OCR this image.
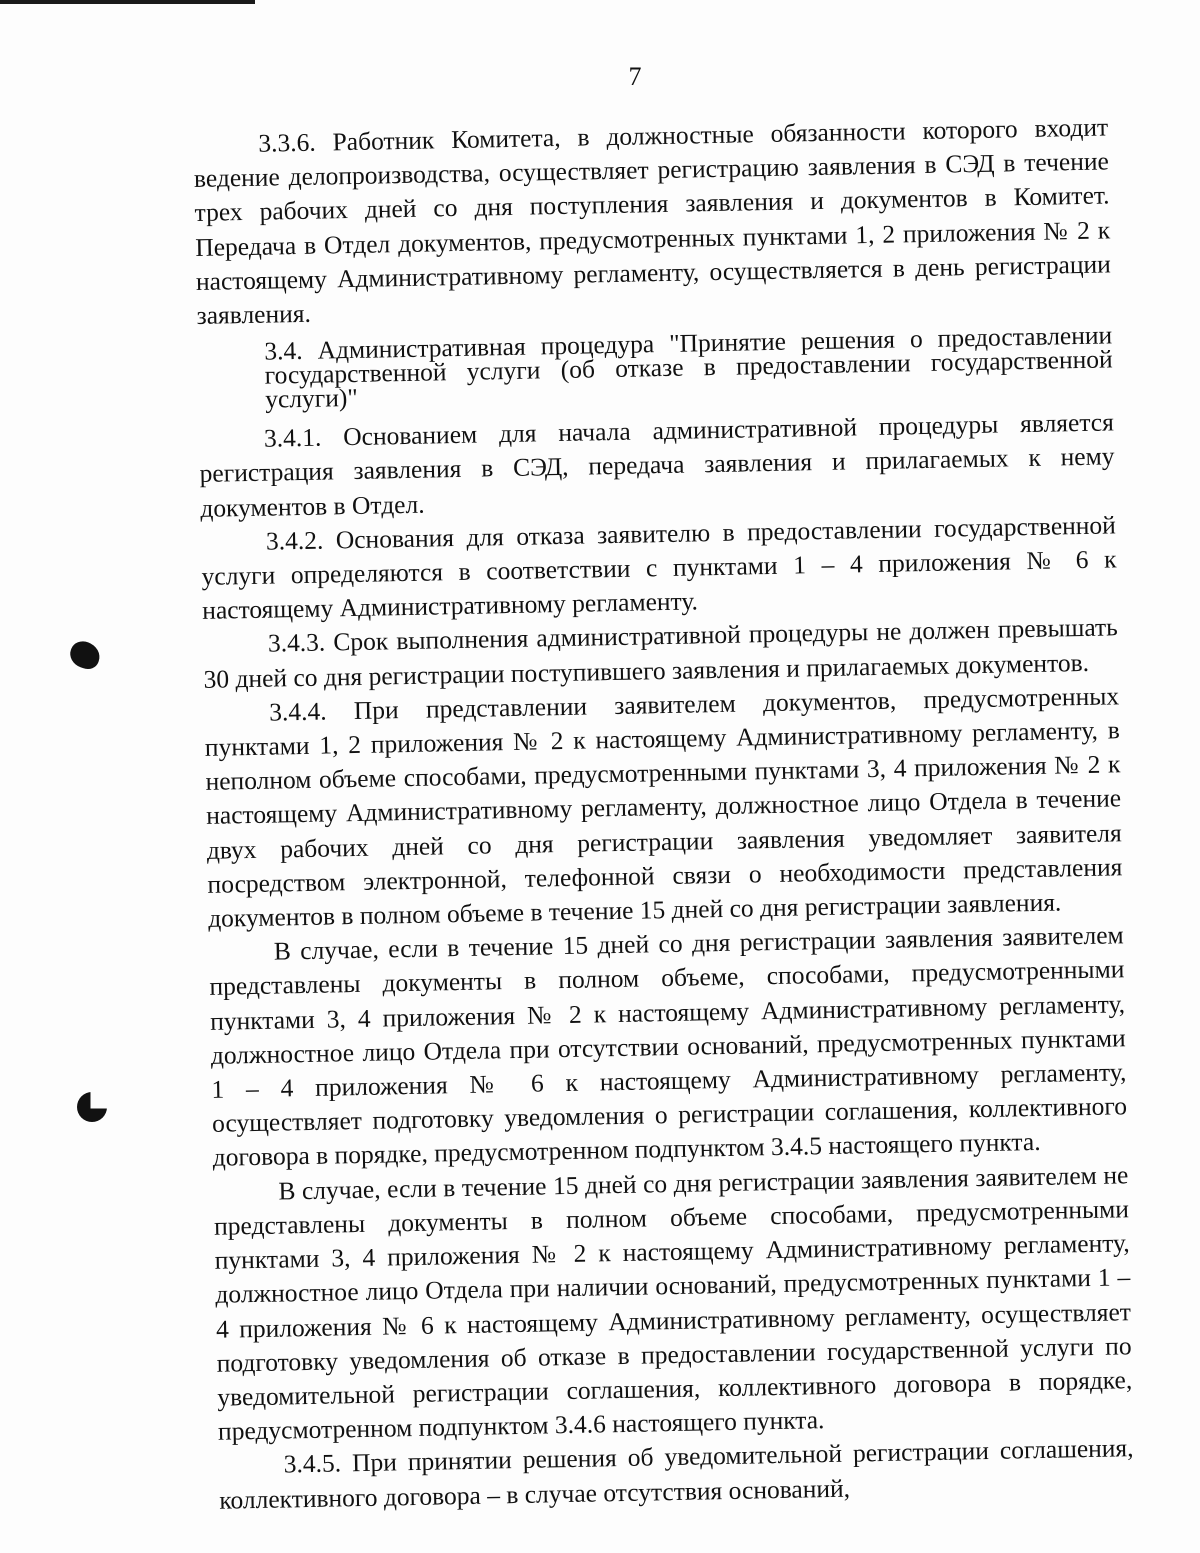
7

3.3.6. Работник Комитета, в должностные обязанности которого входит ведение делопроизводства, осуществляет регистрацию заявления в СЭД в течение трех рабочих дней со дня поступления заявления и документов в Комитет. Передача в Отдел документов, предусмотренных пунктами 1, 2 приложения № 2 к настоящему Административному регламенту, осуществляется в день регистрации заявления.

3.4. Административная процедура "Принятие решения о предоставлении государственной услуги (об отказе в предоставлении государственной услуги)"

3.4.1. Основанием для начала административной процедуры является регистрация заявления в СЭД, передача заявления и прилагаемых к нему документов в Отдел.

3.4.2. Основания для отказа заявителю в предоставлении государственной услуги определяются в соответствии с пунктами 1 – 4 приложения № 6 к настоящему Административному регламенту.

3.4.3. Срок выполнения административной процедуры не должен превышать 30 дней со дня регистрации поступившего заявления и прилагаемых документов.

3.4.4. При представлении заявителем документов, предусмотренных пунктами 1, 2 приложения № 2 к настоящему Административному регламенту, в неполном объеме способами, предусмотренными пунктами 3, 4 приложения № 2 к настоящему Административному регламенту, должностное лицо Отдела в течение двух рабочих дней со дня регистрации заявления уведомляет заявителя посредством электронной, телефонной связи о необходимости представления документов в полном объеме в течение 15 дней со дня регистрации заявления.

В случае, если в течение 15 дней со дня регистрации заявления заявителем представлены документы в полном объеме, способами, предусмотренными пунктами 3, 4 приложения № 2 к настоящему Административному регламенту, должностное лицо Отдела при отсутствии оснований, предусмотренных пунктами 1 – 4 приложения № 6 к настоящему Административному регламенту, осуществляет подготовку уведомления о регистрации соглашения, коллективного договора в порядке, предусмотренном подпунктом 3.4.5 настоящего пункта.

В случае, если в течение 15 дней со дня регистрации заявления заявителем не представлены документы в полном объеме способами, предусмотренными пунктами 3, 4 приложения № 2 к настоящему Административному регламенту, должностное лицо Отдела при наличии оснований, предусмотренных пунктами 1 – 4 приложения № 6 к настоящему Административному регламенту, осуществляет подготовку уведомления об отказе в предоставлении государственной услуги по уведомительной регистрации соглашения, коллективного договора в порядке, предусмотренном подпунктом 3.4.6 настоящего пункта.

3.4.5. При принятии решения об уведомительной регистрации соглашения, коллективного договора – в случае отсутствия оснований,
